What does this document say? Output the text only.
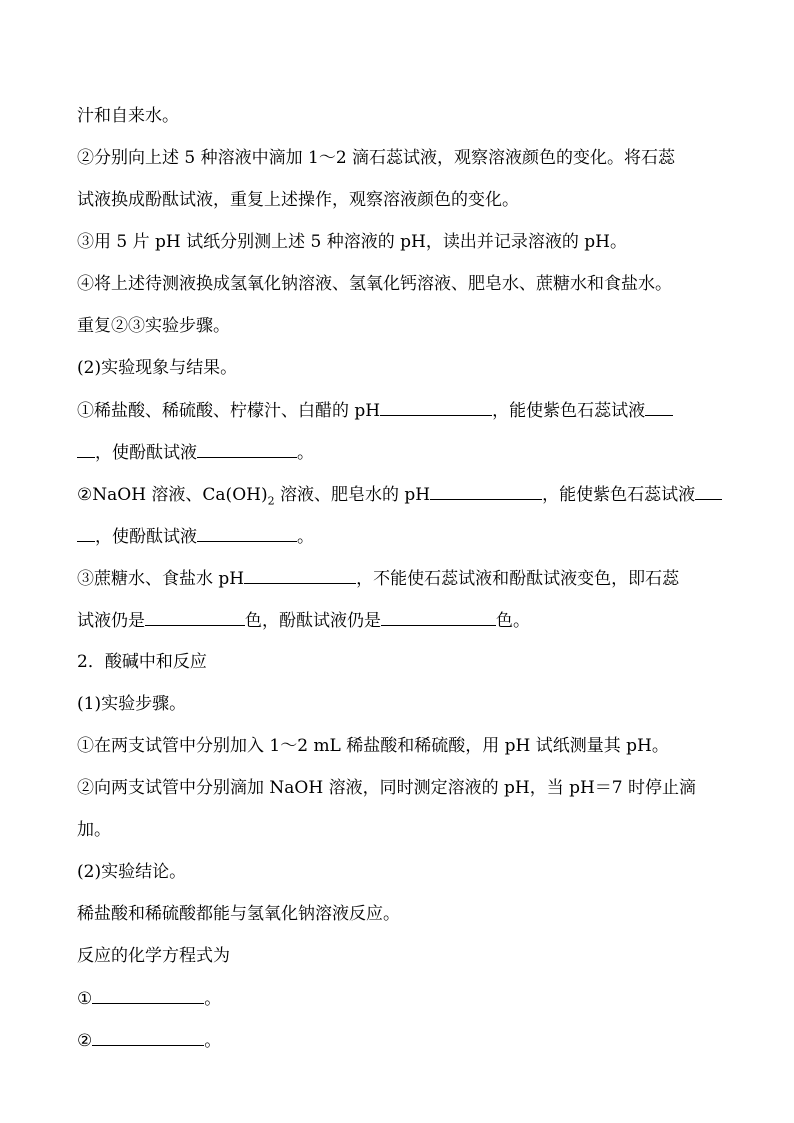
汁和自来水。
②分别向上述 5 种溶液中滴加 1～2 滴石蕊试液，观察溶液颜色的变化。将石蕊
试液换成酚酞试液，重复上述操作，观察溶液颜色的变化。
③用 5 片 pH 试纸分别测上述 5 种溶液的 pH，读出并记录溶液的 pH。
④将上述待测液换成氢氧化钠溶液、氢氧化钙溶液、肥皂水、蔗糖水和食盐水。
重复②③实验步骤。
(2)实验现象与结果。
①稀盐酸、稀硫酸、柠檬汁、白醋的 pH	，能使紫色石蕊试液
，使酚酞试液	。
②NaOH 溶液、$Ca(OH)_2$ 溶液、肥皂水的 pH	，能使紫色石蕊试液
，使酚酞试液	。
③蔗糖水、食盐水 pH	，不能使石蕊试液和酚酞试液变色，即石蕊
试液仍是	色，酚酞试液仍是	色。
2．酸碱中和反应
(1)实验步骤。
①在两支试管中分别加入 1～2 mL 稀盐酸和稀硫酸，用 pH 试纸测量其 pH。
②向两支试管中分别滴加 NaOH 溶液，同时测定溶液的 pH，当 pH＝7 时停止滴
加。
(2)实验结论。
稀盐酸和稀硫酸都能与氢氧化钠溶液反应。
反应的化学方程式为
①	。
②	。
